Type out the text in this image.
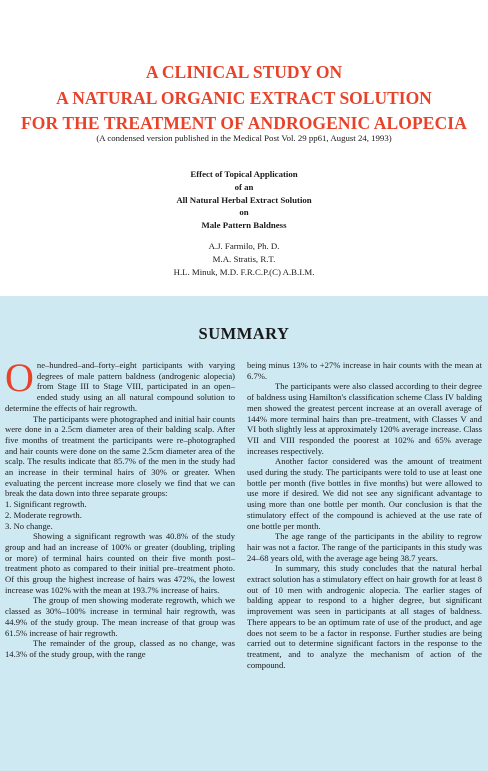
A CLINICAL STUDY ON
A NATURAL ORGANIC EXTRACT SOLUTION
FOR THE TREATMENT OF ANDROGENIC ALOPECIA
(A condensed version published in the Medical Post Vol. 29 pp61, August 24, 1993)
Effect of Topical Application
of an
All Natural Herbal Extract Solution
on
Male Pattern Baldness
A.J. Farmilo, Ph. D.
M.A. Stratis, R.T.
H.L. Minuk, M.D. F.R.C.P.(C) A.B.I.M.
SUMMARY

One–hundred–and–forty–eight participants with varying degrees of male pattern baldness (androgenic alopecia) from Stage III to Stage VIII, participated in an open–ended study using an all natural compound solution to determine the effects of hair regrowth.

The participants were photographed and initial hair counts were done in a 2.5cm diameter area of their balding scalp. After five months of treatment the participants were re–photographed and hair counts were done on the same 2.5cm diameter area of the scalp. The results indicate that 85.7% of the men in the study had an increase in their terminal hairs of 30% or greater. When evaluating the percent increase more closely we find that we can break the data down into three separate groups:

1. Significant regrowth.

2. Moderate regrowth.

3. No change.

Showing a significant regrowth was 40.8% of the study group and had an increase of 100% or greater (doubling, tripling or more) of terminal hairs counted on their five month post–treatment photo as compared to their initial pre–treatment photo. Of this group the highest increase of hairs was 472%, the lowest increase was 102% with the mean at 193.7% increase of hairs.

The group of men showing moderate regrowth, which we classed as 30%–100% increase in terminal hair regrowth, was 44.9% of the study group. The mean increase of that group was 61.5% increase of hair regrowth.

The remainder of the group, classed as no change, was 14.3% of the study group, with the range

being minus 13% to +27% increase in hair counts with the mean at 6.7%.

The participants were also classed according to their degree of baldness using Hamilton's classification scheme Class IV balding men showed the greatest percent increase at an overall average of 144% more terminal hairs than pre–treatment, with Classes V and VI both slightly less at approximately 120% average increase. Class VII and VIII responded the poorest at 102% and 65% average increases respectively.

Another factor considered was the amount of treatment used during the study. The participants were told to use at least one bottle per month (five bottles in five months) but were allowed to use more if desired. We did not see any significant advantage to using more than one bottle per month. Our conclusion is that the stimulatory effect of the compound is achieved at the use rate of one bottle per month.

The age range of the participants in the ability to regrow hair was not a factor. The range of the participants in this study was 24–68 years old, with the average age being 38.7 years.

In summary, this study concludes that the natural herbal extract solution has a stimulatory effect on hair growth for at least 8 out of 10 men with androgenic alopecia. The earlier stages of balding appear to respond to a higher degree, but significant improvement was seen in participants at all stages of baldness. There appears to be an optimum rate of use of the product, and age does not seem to be a factor in response. Further studies are being carried out to determine significant factors in the response to the treatment, and to analyze the mechanism of action of the compound.
